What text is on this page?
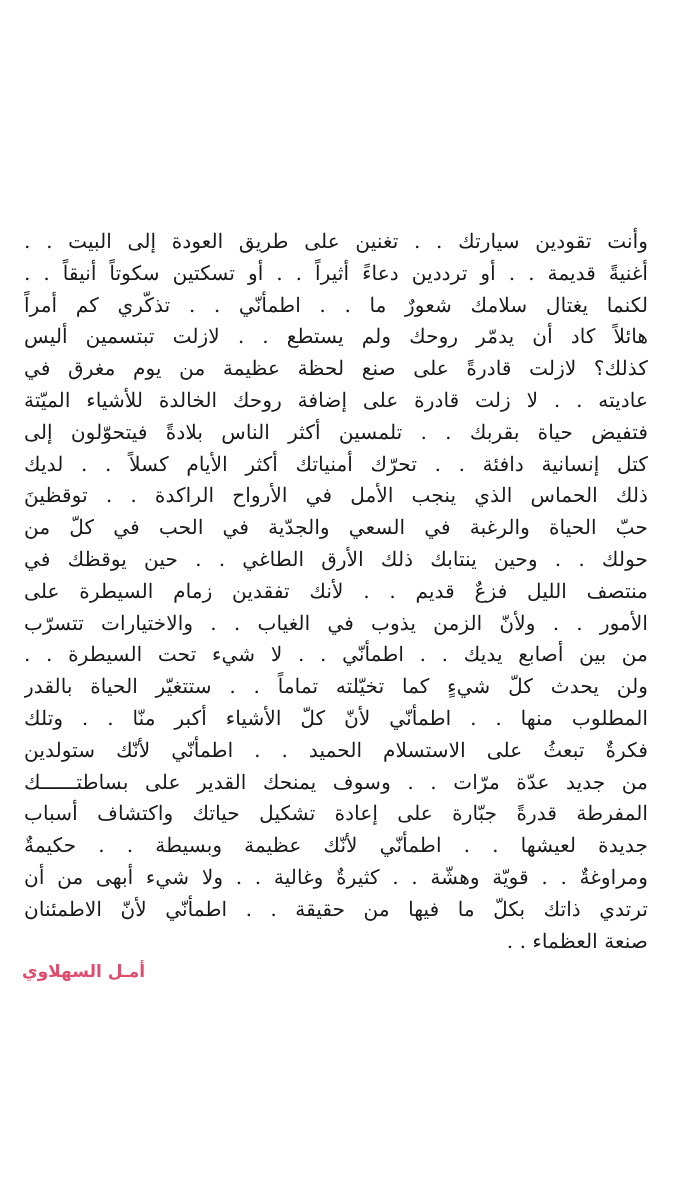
وأنت تقودين سيارتك . . تغنين على طريق العودة إلى البيت . .
أغنيةً قديمة . . أو ترددين دعاءً أثيراً . . أو تسكتين سكوتاً أنيقاً . .
لكنما يغتال سلامك شعورٌ ما . . اطمأنّي . . تذكّري كم أمراً
هائلاً كاد أن يدمّر روحك ولم يستطع . . لازلت تبتسمين أليس
كذلك؟ لازلت قادرةً على صنع لحظة عظيمة من يوم مغرق في
عاديته . . لا زلت قادرة على إضافة روحك الخالدة للأشياء الميّتة
فتفيض حياة بقربك . . تلمسين أكثر الناس بلادةً فيتحوّلون إلى
كتل إنسانية دافئة . . تحرّك أمنياتك أكثر الأيام كسلاً . . لديك
ذلك الحماس الذي ينجب الأمل في الأرواح الراكدة . . توقظينَ
حبّ الحياة والرغبة في السعي والجدّية في الحب في كلّ من
حولك . . وحين ينتابك ذلك الأرق الطاغي . . حين يوقظك في
منتصف الليل فزعٌ قديم . . لأنك تفقدين زمام السيطرة على
الأمور . . ولأنّ الزمن يذوب في الغياب . . والاختيارات تتسرّب
من بين أصابع يديك . . اطمأنّي . . لا شيء تحت السيطرة . .
ولن يحدث كلّ شيءٍ كما تخيّلته تماماً . . ستتغيّر الحياة بالقدر
المطلوب منها . . اطمأنّي لأنّ كلّ الأشياء أكبر منّا . . وتلك
فكرةٌ تبعثُ على الاستسلام الحميد . . اطمأنّي لأنّك ستولدين
من جديد عدّة مرّات . . وسوف يمنحك القدير على بساطتــــــك
المفرطة قدرةً جبّارة على إعادة تشكيل حياتك واكتشاف أسباب
جديدة لعيشها . . اطمأنّي لأنّك عظيمة وبسيطة . . حكيمةٌ
ومراوغةٌ . . قويّة وهشّة . . كثيرةٌ وغالية . . ولا شيء أبهى من أن
ترتدي ذاتك بكلّ ما فيها من حقيقة . . اطمأنّي لأنّ الاطمئنان
صنعة العظماء . .
أمـل السهلاوي
